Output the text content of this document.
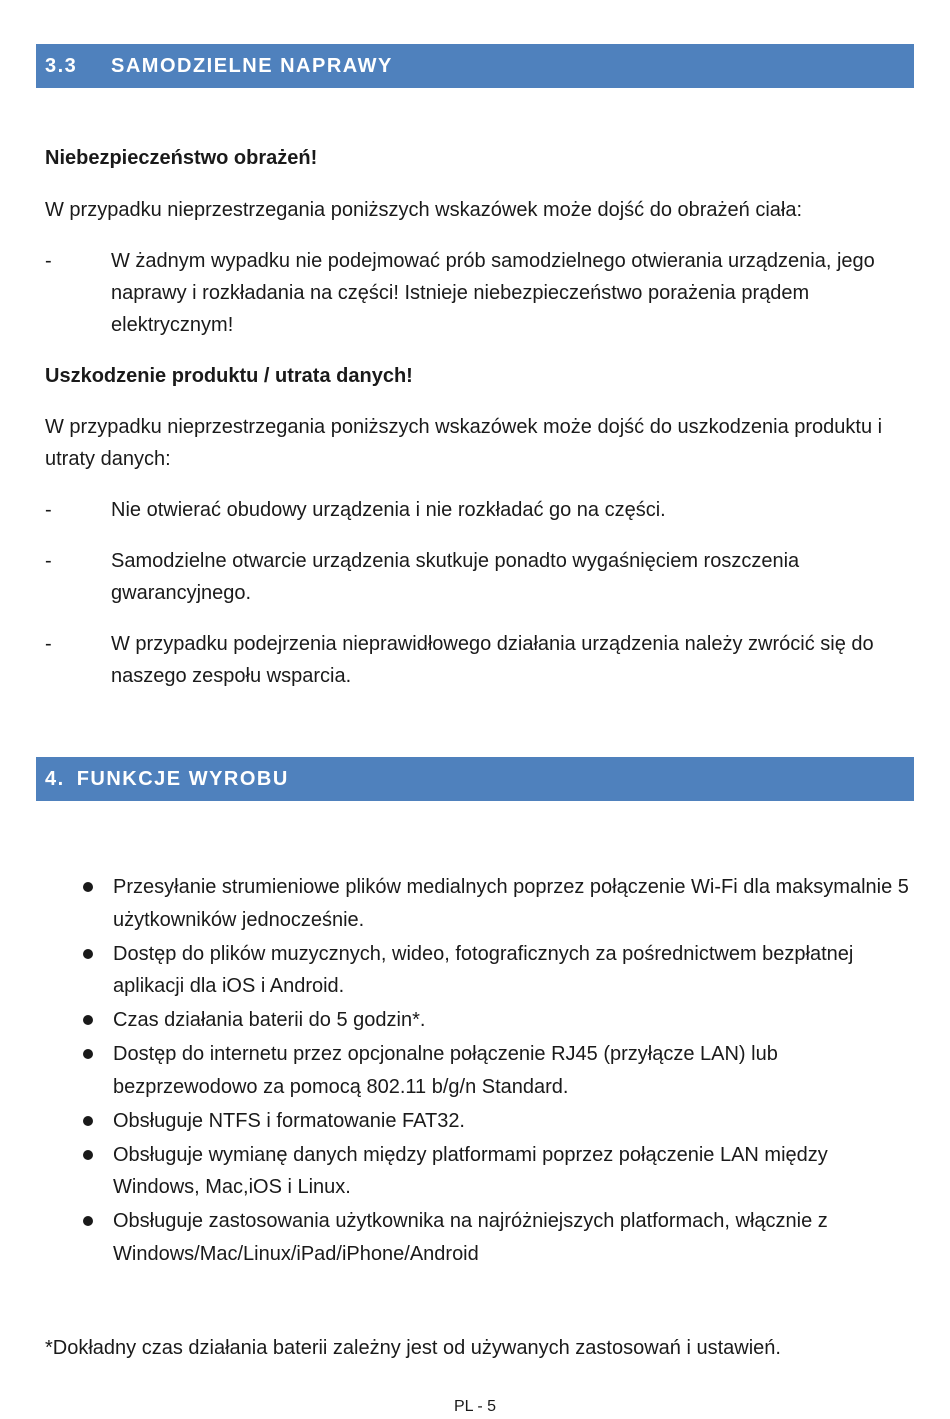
3.3 SAMODZIELNE NAPRAWY

Niebezpieczeństwo obrażeń!

W przypadku nieprzestrzegania poniższych wskazówek może dojść do obrażeń ciała:

-	W żadnym wypadku nie podejmować prób samodzielnego otwierania urządzenia, jego naprawy i rozkładania na części! Istnieje niebezpieczeństwo porażenia prądem elektrycznym!

Uszkodzenie produktu / utrata danych!

W przypadku nieprzestrzegania poniższych wskazówek może dojść do uszkodzenia produktu i utraty danych:

-	Nie otwierać obudowy urządzenia i nie rozkładać go na części.
-	Samodzielne otwarcie urządzenia skutkuje ponadto wygaśnięciem roszczenia gwarancyjnego.
-	W przypadku podejrzenia nieprawidłowego działania urządzenia należy zwrócić się do naszego zespołu wsparcia.
4. FUNKCJE WYROBU
Przesyłanie strumieniowe plików medialnych poprzez połączenie Wi-Fi dla maksymalnie 5 użytkowników jednocześnie.
Dostęp do plików muzycznych, wideo, fotograficznych za pośrednictwem bezpłatnej aplikacji dla iOS i Android.
Czas działania baterii do 5 godzin*.
Dostęp do internetu przez opcjonalne połączenie RJ45 (przyłącze LAN) lub bezprzewodowo za pomocą 802.11 b/g/n Standard.
Obsługuje NTFS i formatowanie FAT32.
Obsługuje wymianę danych między platformami poprzez połączenie LAN między Windows, Mac,iOS i Linux.
Obsługuje zastosowania użytkownika na najróżniejszych platformach, włącznie z Windows/Mac/Linux/iPad/iPhone/Android

*Dokładny czas działania baterii zależny jest od używanych zastosowań i ustawień.

PL - 5
